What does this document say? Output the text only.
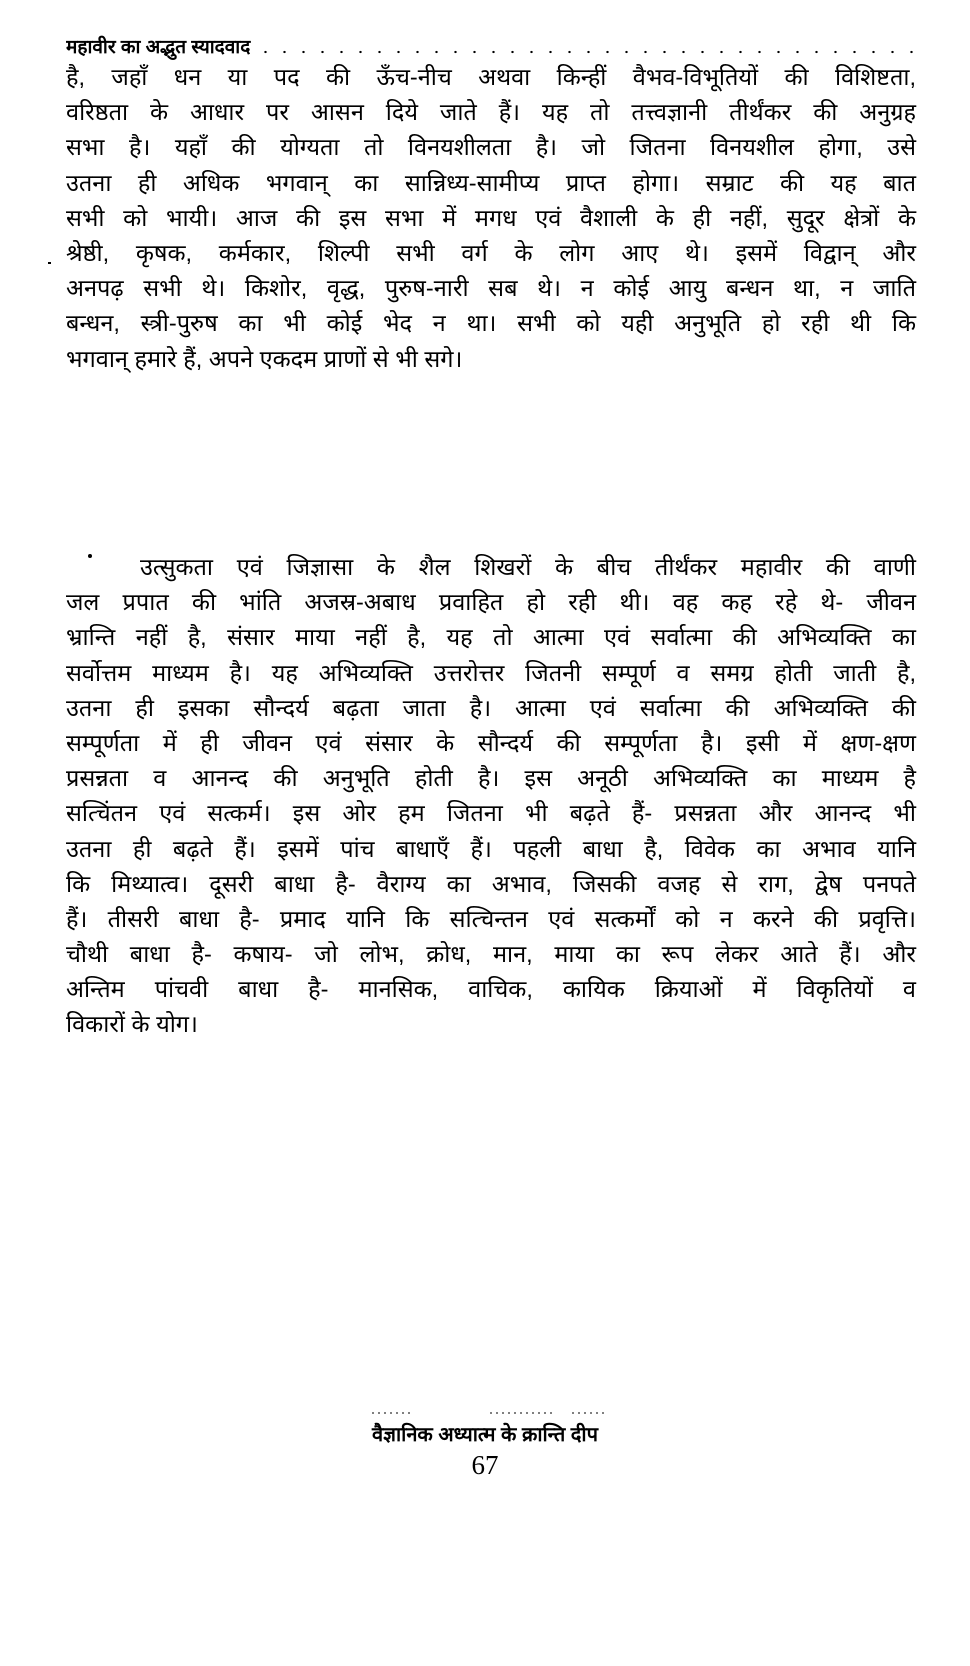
महावीर का अद्भुत स्यादवाद
है, जहाँ धन या पद की ऊँच-नीच अथवा किन्हीं वैभव-विभूतियों की विशिष्टता,
वरिष्ठता के आधार पर आसन दिये जाते हैं। यह तो तत्त्वज्ञानी तीर्थंकर की अनुग्रह
सभा है। यहाँ की योग्यता तो विनयशीलता है। जो जितना विनयशील होगा, उसे
उतना ही अधिक भगवान् का सान्निध्य-सामीप्य प्राप्त होगा। सम्राट की यह बात
सभी को भायी। आज की इस सभा में मगध एवं वैशाली के ही नहीं, सुदूर क्षेत्रों के
श्रेष्ठी, कृषक, कर्मकार, शिल्पी सभी वर्ग के लोग आए थे। इसमें विद्वान् और
अनपढ़ सभी थे। किशोर, वृद्ध, पुरुष-नारी सब थे। न कोई आयु बन्धन था, न जाति
बन्धन, स्त्री-पुरुष का भी कोई भेद न था। सभी को यही अनुभूति हो रही थी कि
भगवान् हमारे हैं, अपने एकदम प्राणों से भी सगे।
उत्सुकता एवं जिज्ञासा के शैल शिखरों के बीच तीर्थंकर महावीर की वाणी
जल प्रपात की भांति अजस्र-अबाध प्रवाहित हो रही थी। वह कह रहे थे- जीवन
भ्रान्ति नहीं है, संसार माया नहीं है, यह तो आत्मा एवं सर्वात्मा की अभिव्यक्ति का
सर्वोत्तम माध्यम है। यह अभिव्यक्ति उत्तरोत्तर जितनी सम्पूर्ण व समग्र होती जाती है,
उतना ही इसका सौन्दर्य बढ़ता जाता है। आत्मा एवं सर्वात्मा की अभिव्यक्ति की
सम्पूर्णता में ही जीवन एवं संसार के सौन्दर्य की सम्पूर्णता है। इसी में क्षण-क्षण
प्रसन्नता व आनन्द की अनुभूति होती है। इस अनूठी अभिव्यक्ति का माध्यम है
सत्चिंतन एवं सत्कर्म। इस ओर हम जितना भी बढ़ते हैं- प्रसन्नता और आनन्द भी
उतना ही बढ़ते हैं। इसमें पांच बाधाएँ हैं। पहली बाधा है, विवेक का अभाव यानि
कि मिथ्यात्व। दूसरी बाधा है- वैराग्य का अभाव, जिसकी वजह से राग, द्वेष पनपते
हैं। तीसरी बाधा है- प्रमाद यानि कि सत्चिन्तन एवं सत्कर्मों को न करने की प्रवृत्ति।
चौथी बाधा है- कषाय- जो लोभ, क्रोध, मान, माया का रूप लेकर आते हैं। और
अन्तिम पांचवी बाधा है- मानसिक, वाचिक, कायिक क्रियाओं में विकृतियों व
विकारों के योग।
वैज्ञानिक अध्यात्म के क्रान्ति दीप
67
